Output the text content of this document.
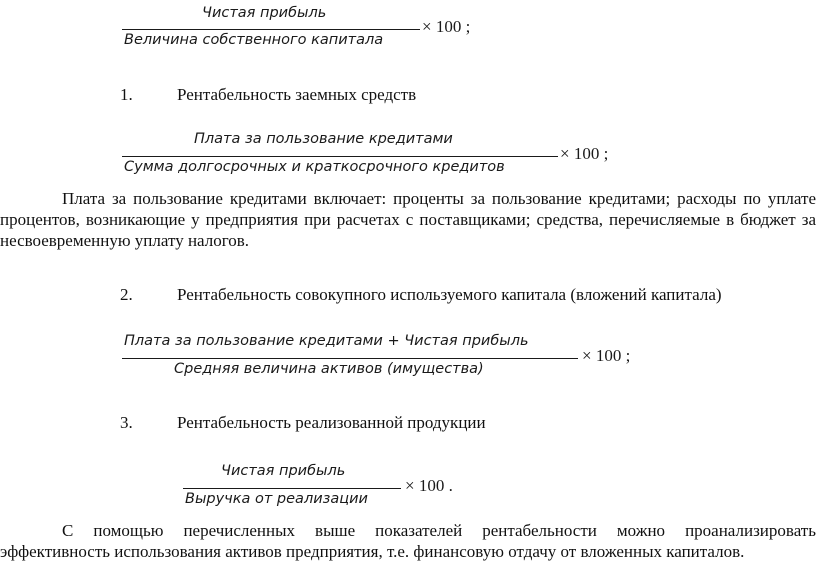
Чистая прибыль
Величина собственного капитала
× 100 ;
1.	Рентабельность заемных средств
Плата за пользование кредитами
Сумма долгосрочных и краткосрочного кредитов
× 100 ;
Плата за пользование кредитами включает: проценты за пользование кредитами; расходы по уплате процентов, возникающие у предприятия при расчетах с поставщиками; средства, перечисляемые в бюджет за несвоевременную уплату налогов.
2.	Рентабельность совокупного используемого капитала (вложений капитала)
Плата за пользование кредитами + Чистая прибыль
Средняя величина активов (имущества)
× 100 ;
3.	Рентабельность реализованной продукции
Чистая прибыль
Выручка от реализации
× 100 .
С помощью перечисленных выше показателей рентабельности можно проанализировать эффективность использования активов предприятия, т.е. финансовую отдачу от вложенных капиталов.
